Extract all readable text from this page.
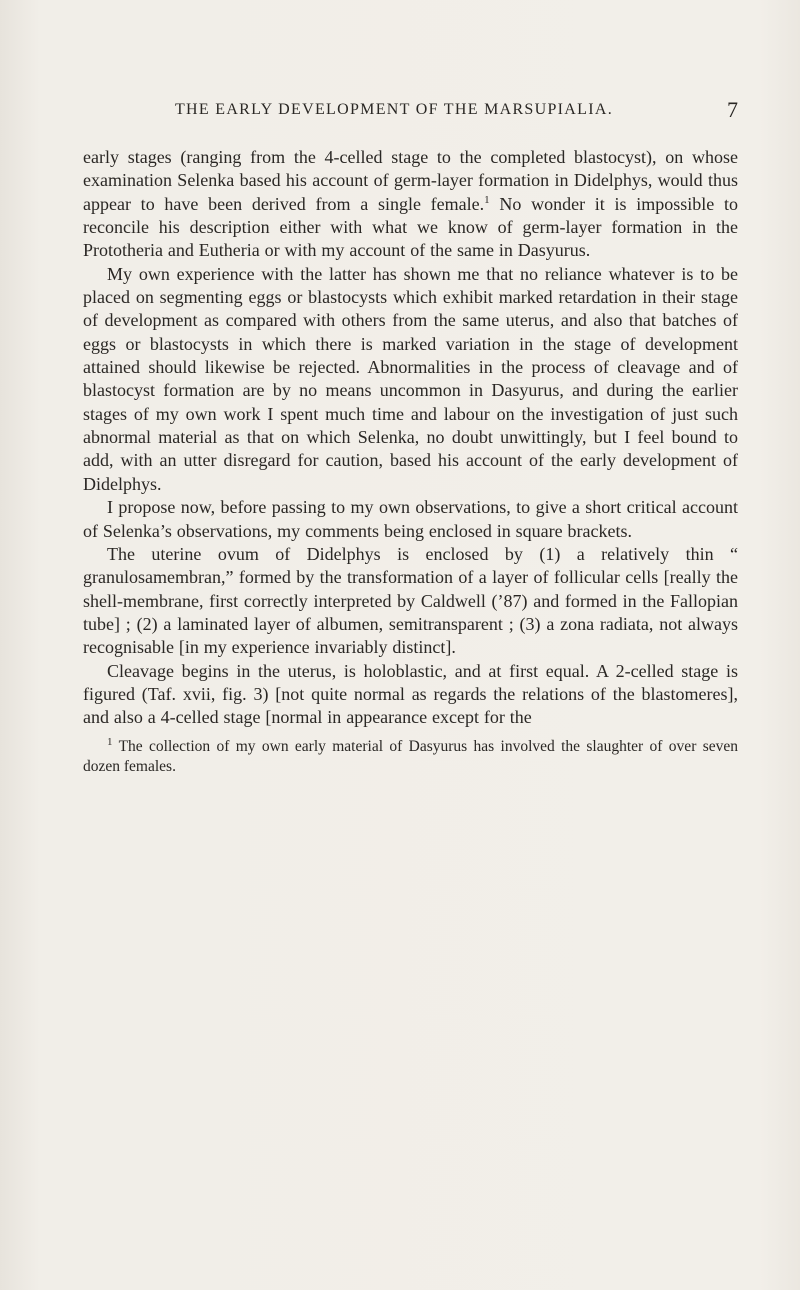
THE EARLY DEVELOPMENT OF THE MARSUPIALIA.	7

early stages (ranging from the 4-celled stage to the completed blastocyst), on whose examination Selenka based his account of germ-layer formation in Didelphys, would thus appear to have been derived from a single female.$^1$ No wonder it is impossible to reconcile his description either with what we know of germ-layer formation in the Prototheria and Eutheria or with my account of the same in Dasyurus.

My own experience with the latter has shown me that no reliance whatever is to be placed on segmenting eggs or blastocysts which exhibit marked retardation in their stage of development as compared with others from the same uterus, and also that batches of eggs or blastocysts in which there is marked variation in the stage of development attained should likewise be rejected. Abnormalities in the process of cleavage and of blastocyst formation are by no means uncommon in Dasyurus, and during the earlier stages of my own work I spent much time and labour on the investigation of just such abnormal material as that on which Selenka, no doubt unwittingly, but I feel bound to add, with an utter disregard for caution, based his account of the early development of Didelphys.

I propose now, before passing to my own observations, to give a short critical account of Selenka’s observations, my comments being enclosed in square brackets.

The uterine ovum of Didelphys is enclosed by (1) a relatively thin “ granulosamembran,” formed by the transformation of a layer of follicular cells [really the shell-membrane, first correctly interpreted by Caldwell (’87) and formed in the Fallopian tube] ; (2) a laminated layer of albumen, semitransparent ; (3) a zona radiata, not always recognisable [in my experience invariably distinct].

Cleavage begins in the uterus, is holoblastic, and at first equal. A 2-celled stage is figured (Taf. xvii, fig. 3) [not quite normal as regards the relations of the blastomeres], and also a 4-celled stage [normal in appearance except for the

$^1$ The collection of my own early material of Dasyurus has involved the slaughter of over seven dozen females.
